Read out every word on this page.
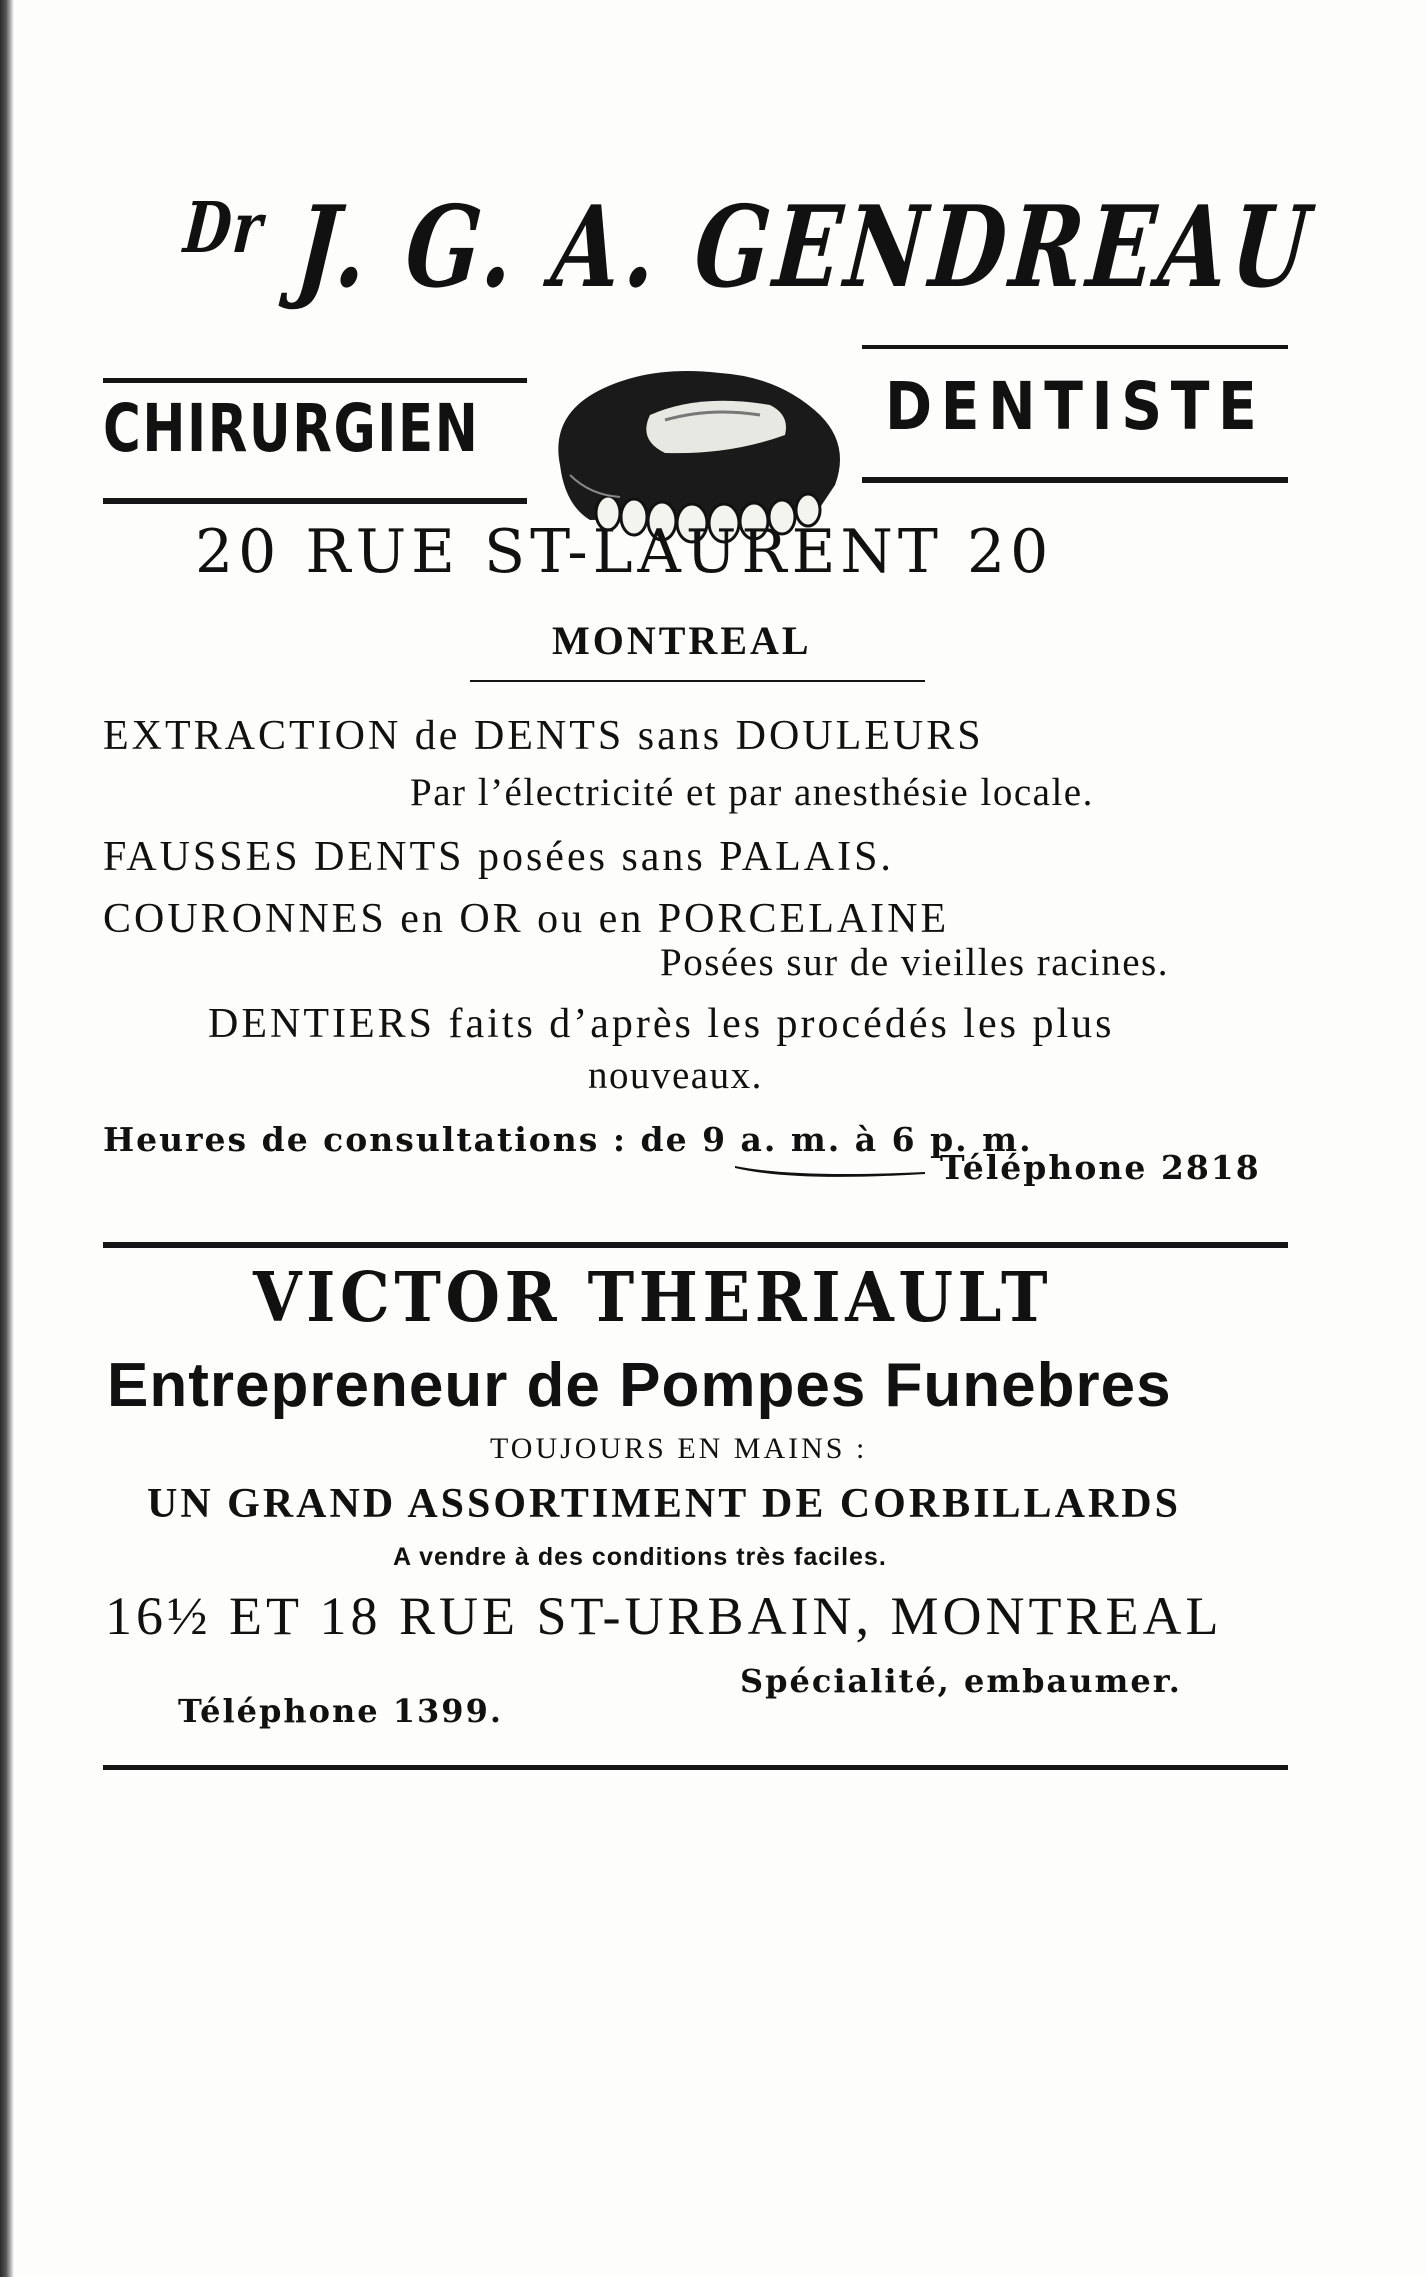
$^{Dr}$ J. G. A. GENDREAU
CHIRURGIEN	DENTISTE
20 RUE ST-LAURENT 20
MONTREAL
EXTRACTION de DENTS sans DOULEURS
Par l’électricité et par anesthésie locale.
FAUSSES DENTS posées sans PALAIS.
COURONNES en OR ou en PORCELAINE
Posées sur de vieilles racines.
DENTIERS faits d’après les procédés les plus
nouveaux.
Heures de consultations : de 9 a. m. à 6 p. m.
Téléphone 2818
VICTOR THERIAULT
Entrepreneur de Pompes Funebres
TOUJOURS EN MAINS :
UN GRAND ASSORTIMENT DE CORBILLARDS
A vendre à des conditions très faciles.
16½ ET 18 RUE ST-URBAIN, MONTREAL
Téléphone 1399.
Spécialité, embaumer.
